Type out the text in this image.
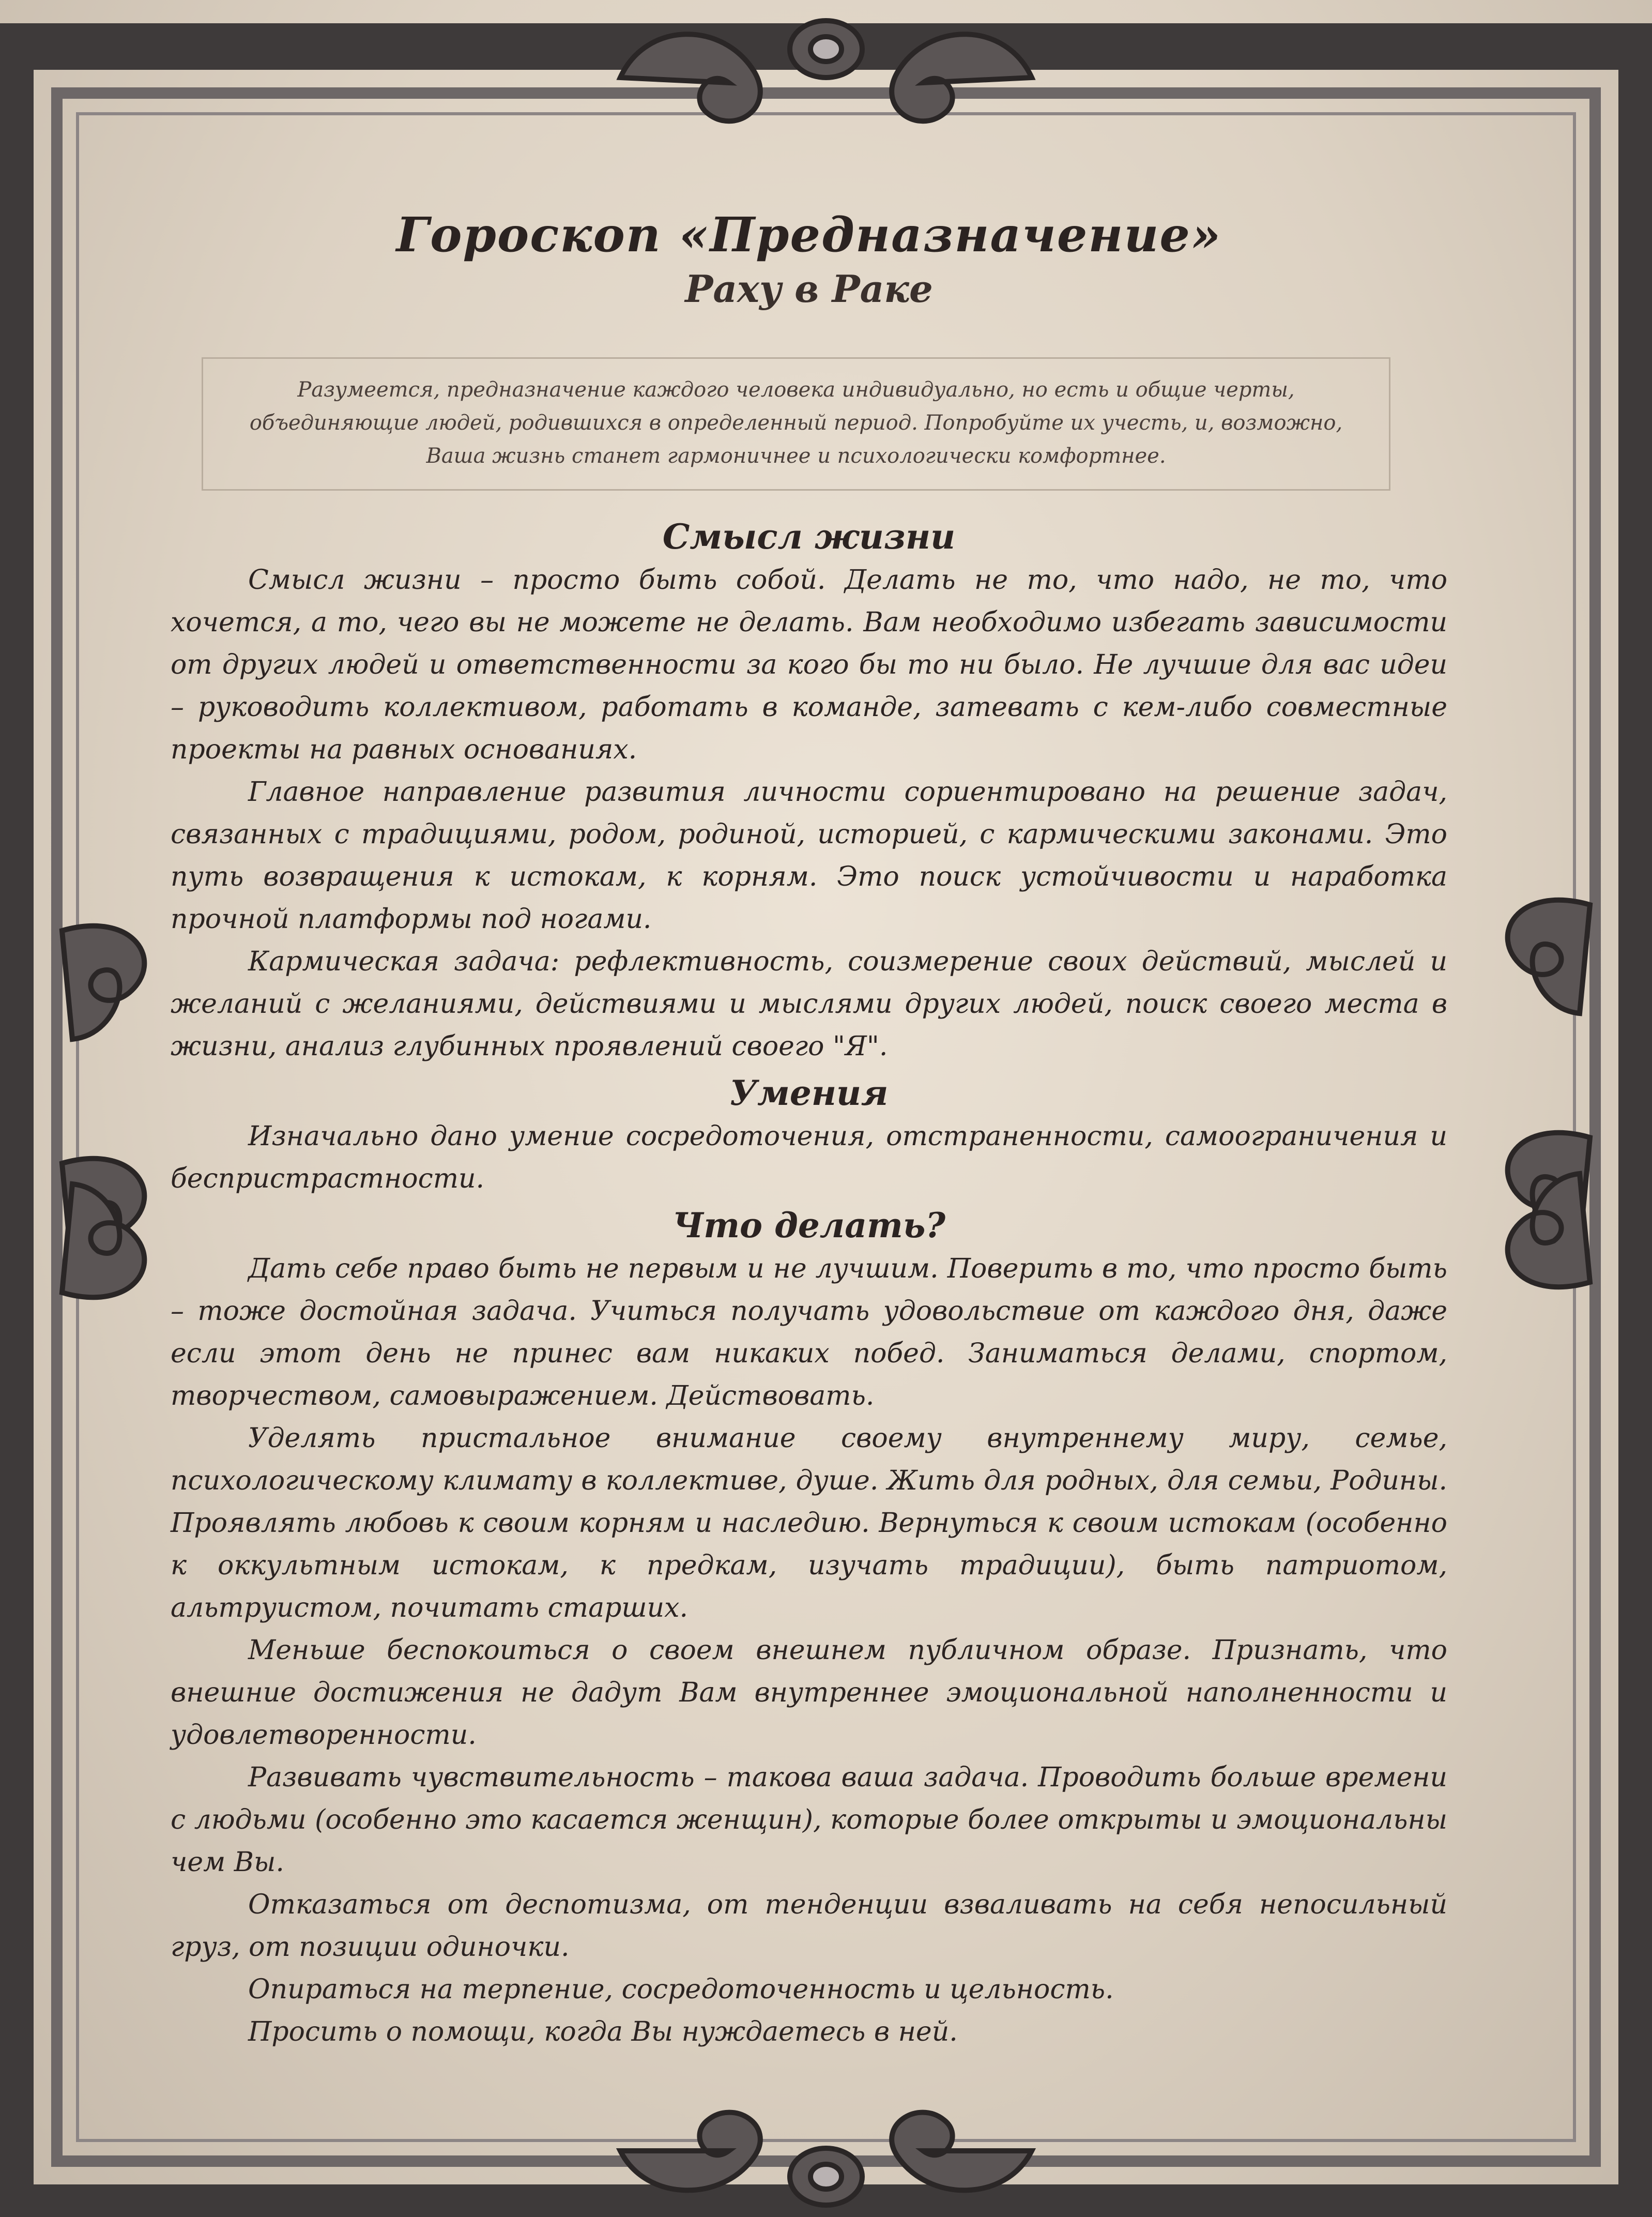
Гороскоп «Предназначение»
Раху в Раке
Разумеется, предназначение каждого человека индивидуально, но есть и общие черты, объединяющие людей, родившихся в определенный период. Попробуйте их учесть, и, возможно, Ваша жизнь станет гармоничнее и психологически комфортнее.
Смысл жизни

Смысл жизни – просто быть собой. Делать не то, что надо, не то, что хочется, а то, чего вы не можете не делать. Вам необходимо избегать зависимости от других людей и ответственности за кого бы то ни было. Не лучшие для вас идеи – руководить коллективом, работать в команде, затевать с кем-либо совместные проекты на равных основаниях.

Главное направление развития личности сориентировано на решение задач, связанных с традициями, родом, родиной, историей, с кармическими законами. Это путь возвращения к истокам, к корням. Это поиск устойчивости и наработка прочной платформы под ногами.

Кармическая задача: рефлективность, соизмерение своих действий, мыслей и желаний с желаниями, действиями и мыслями других людей, поиск своего места в жизни, анализ глубинных проявлений своего "Я".

Умения

Изначально дано умение сосредоточения, отстраненности, самоограничения и беспристрастности.

Что делать?

Дать себе право быть не первым и не лучшим. Поверить в то, что просто быть – тоже достойная задача. Учиться получать удовольствие от каждого дня, даже если этот день не принес вам никаких побед. Заниматься делами, спортом, творчеством, самовыражением. Действовать.

Уделять пристальное внимание своему внутреннему миру, семье, психологическому климату в коллективе, душе. Жить для родных, для семьи, Родины. Проявлять любовь к своим корням и наследию. Вернуться к своим истокам (особенно к оккультным истокам, к предкам, изучать традиции), быть патриотом, альтруистом, почитать старших.

Меньше беспокоиться о своем внешнем публичном образе. Признать, что внешние достижения не дадут Вам внутреннее эмоциональной наполненности и удовлетворенности.

Развивать чувствительность – такова ваша задача. Проводить больше времени с людьми (особенно это касается женщин), которые более открыты и эмоциональны чем Вы.

Отказаться от деспотизма, от тенденции взваливать на себя непосильный груз, от позиции одиночки.

Опираться на терпение, сосредоточенность и цельность.

Просить о помощи, когда Вы нуждаетесь в ней.
